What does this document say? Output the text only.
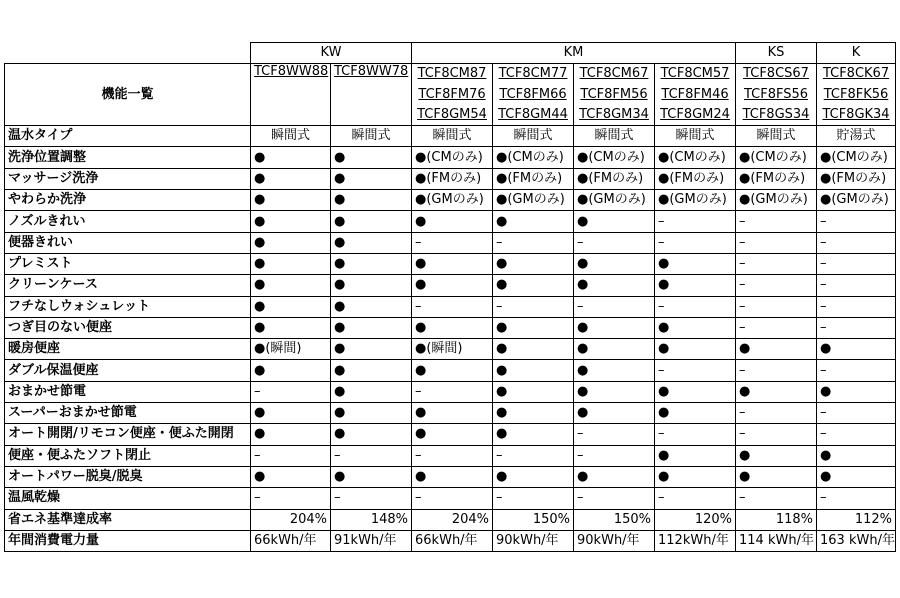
	KW		KM				KS	K
機能一覧	TCF8WW88	TCF8WW78	TCF8CM87	TCF8CM77	TCF8CM67	TCF8CM57	TCF8CS67	TCF8CK67
			TCF8FM76	TCF8FM66	TCF8FM56	TCF8FM46	TCF8FS56	TCF8FK56
			TCF8GM54	TCF8GM44	TCF8GM34	TCF8GM24	TCF8GS34	TCF8GK34
温水タイプ	瞬間式	瞬間式	瞬間式	瞬間式	瞬間式	瞬間式	瞬間式	貯湯式
洗浄位置調整	●	●	●(CMのみ)	●(CMのみ)	●(CMのみ)	●(CMのみ)	●(CMのみ)	●(CMのみ)
マッサージ洗浄	●	●	●(FMのみ)	●(FMのみ)	●(FMのみ)	●(FMのみ)	●(FMのみ)	●(FMのみ)
やわらか洗浄	●	●	●(GMのみ)	●(GMのみ)	●(GMのみ)	●(GMのみ)	●(GMのみ)	●(GMのみ)
ノズルきれい	●	●	●	●	●	–	–	–
便器きれい	●	●	–	–	–	–	–	–
プレミスト	●	●	●	●	●	●	–	–
クリーンケース	●	●	●	●	●	●	–	–
フチなしウォシュレット	●	●	–	–	–	–	–	–
つぎ目のない便座	●	●	●	●	●	●	–	–
暖房便座	●(瞬間)	●	●(瞬間)	●	●	●	●	●
ダブル保温便座	●	●	●	●	●	–	–	–
おまかせ節電	–	●	–	●	●	●	●	●
スーパーおまかせ節電	●	●	●	●	●	●	–	–
オート開閉/リモコン便座・便ふた開閉	●	●	●	●	–	–	–	–
便座・便ふたソフト閉止	–	–	–	–	–	●	●	●
オートパワー脱臭/脱臭	●	●	●	●	●	●	●	●
温風乾燥	–	–	–	–	–	–	–	–
省エネ基準達成率	204%	148%	204%	150%	150%	120%	118%	112%
年間消費電力量	66kWh/年	91kWh/年	66kWh/年	90kWh/年	90kWh/年	112kWh/年	114 kWh/年	163 kWh/年
